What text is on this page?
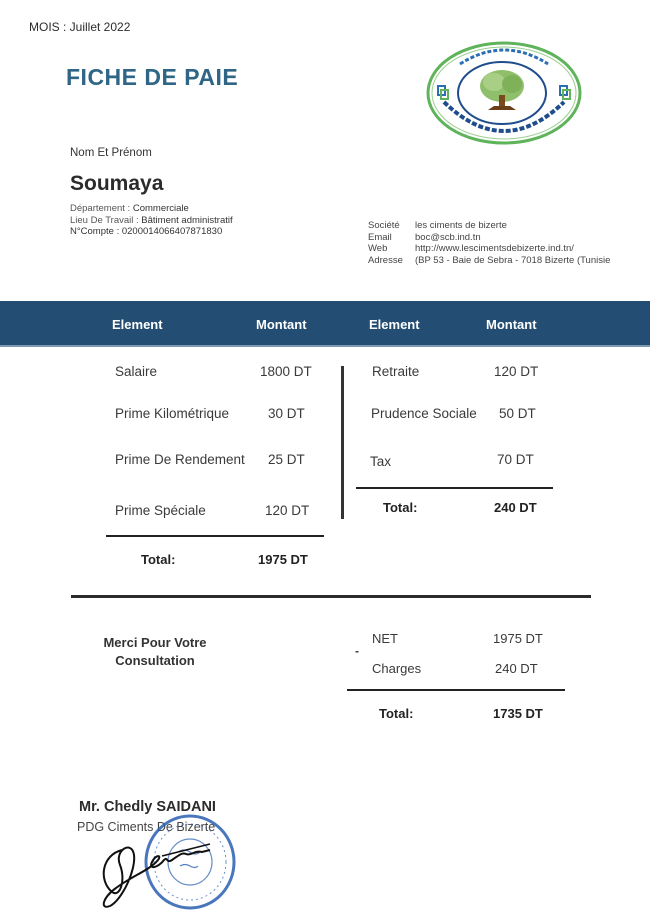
MOIS : Juillet 2022
FICHE DE PAIE
Nom Et Prénom
Soumaya
Département : Commerciale
Lieu De Travail : Bâtiment administratif
N°Compte : 0200014066407871830
Société	les ciments de bizerte
Email	boc@scb.ind.tn
Web	http://www.lescimentsdebizerte.ind.tn/
Adresse	(BP 53 - Baie de Sebra - 7018 Bizerte (Tunisie
Element	Montant	Element	Montant
Salaire	1800 DT
Prime Kilométrique	30 DT
Prime De Rendement 25 DT
Prime Spéciale	120 DT
Total:	1975 DT
Retraite	120 DT
Prudence Sociale 50 DT
Tax	70 DT
Total:	240 DT
Merci Pour Votre Consultation
-
NET	1975 DT
Charges	240 DT
Total:	1735 DT
Mr. Chedly SAIDANI
PDG Ciments De Bizerte
